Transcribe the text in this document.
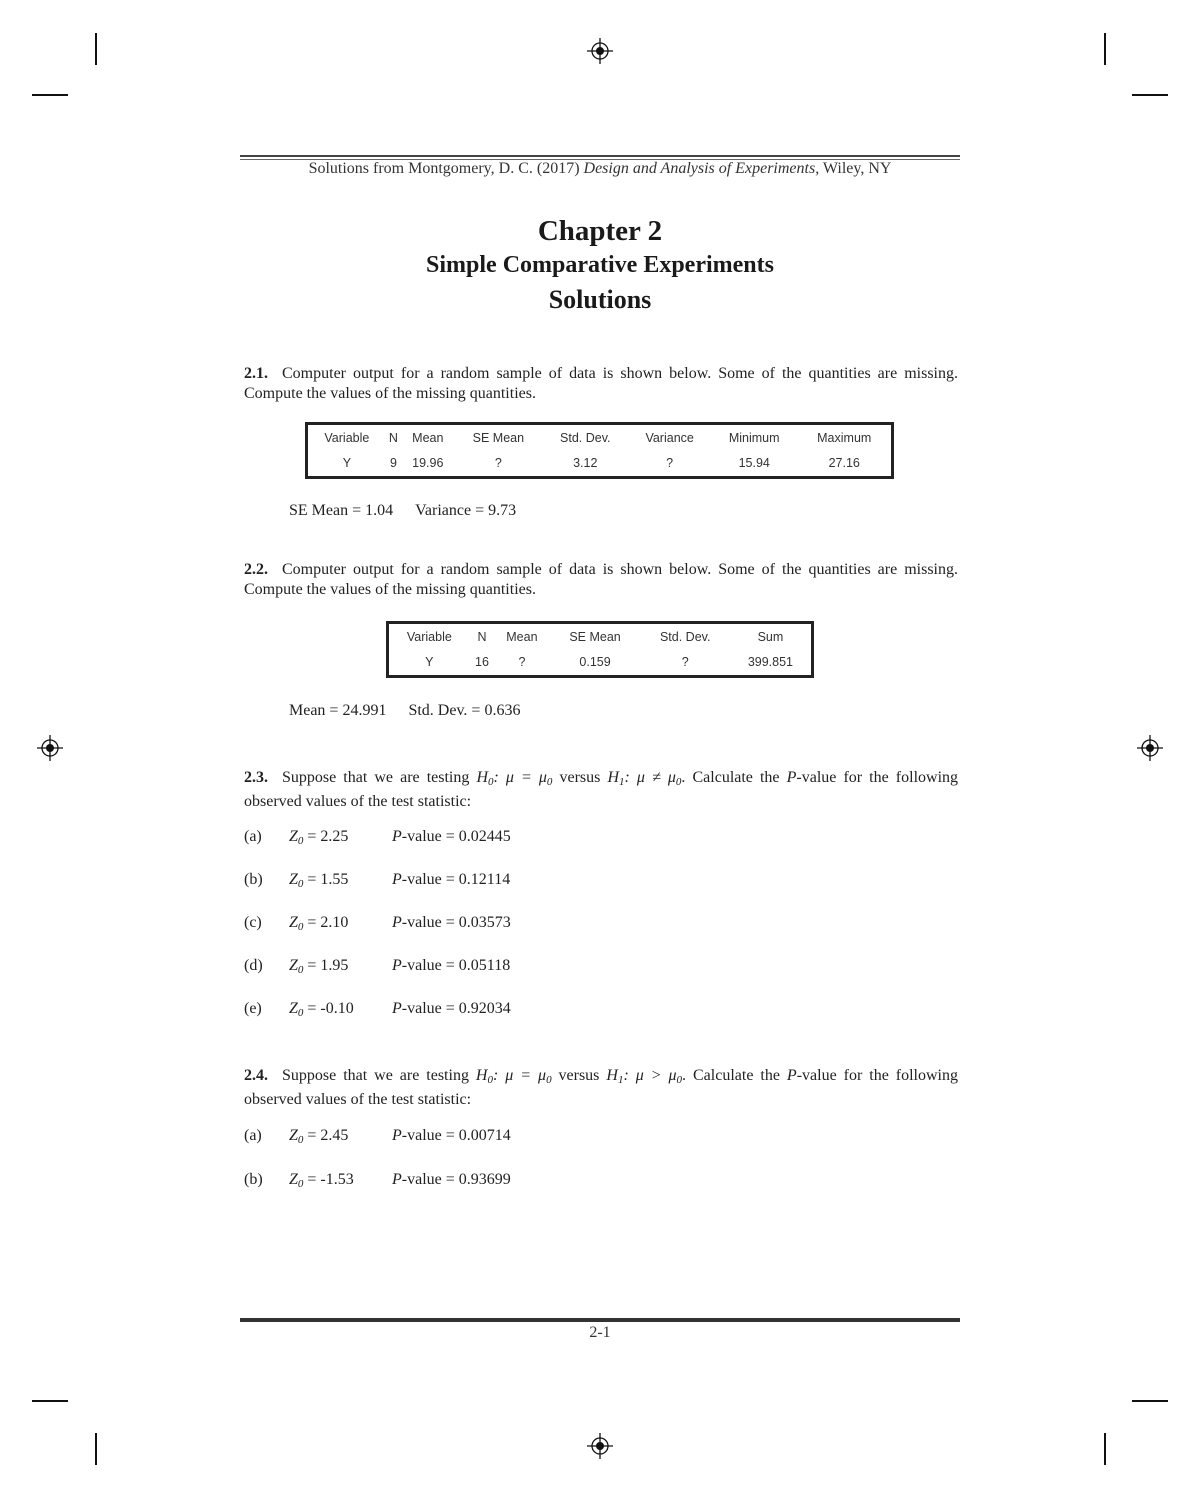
Solutions from Montgomery, D. C. (2017) Design and Analysis of Experiments, Wiley, NY
Chapter 2
Simple Comparative Experiments
Solutions
2.1. Computer output for a random sample of data is shown below. Some of the quantities are missing. Compute the values of the missing quantities.
Variable	N	Mean	SE Mean	Std. Dev.	Variance	Minimum	Maximum
Y	9	19.96	?	3.12	?	15.94	27.16
SE Mean = 1.04 Variance = 9.73
2.2. Computer output for a random sample of data is shown below. Some of the quantities are missing. Compute the values of the missing quantities.
Variable	N	Mean	SE Mean	Std. Dev.	Sum
Y	16	?	0.159	?	399.851
Mean = 24.991 Std. Dev. = 0.636
2.3. Suppose that we are testing $H_0$: $\mu = \mu_0$ versus $H_1$: $\mu \ne \mu_0$. Calculate the P-value for the following observed values of the test statistic:
(a) $Z_0 = 2.25$	P-value = 0.02445
(b) $Z_0 = 1.55$	P-value = 0.12114
(c) $Z_0 = 2.10$	P-value = 0.03573
(d) $Z_0 = 1.95$	P-value = 0.05118
(e) $Z_0 = -0.10$ P-value = 0.92034
2.4. Suppose that we are testing $H_0$: $\mu = \mu_0$ versus $H_1$: $\mu > \mu_0$. Calculate the P-value for the following observed values of the test statistic:
(a) $Z_0 = 2.45$	P-value = 0.00714
(b) $Z_0 = -1.53$ P-value = 0.93699
2-1
